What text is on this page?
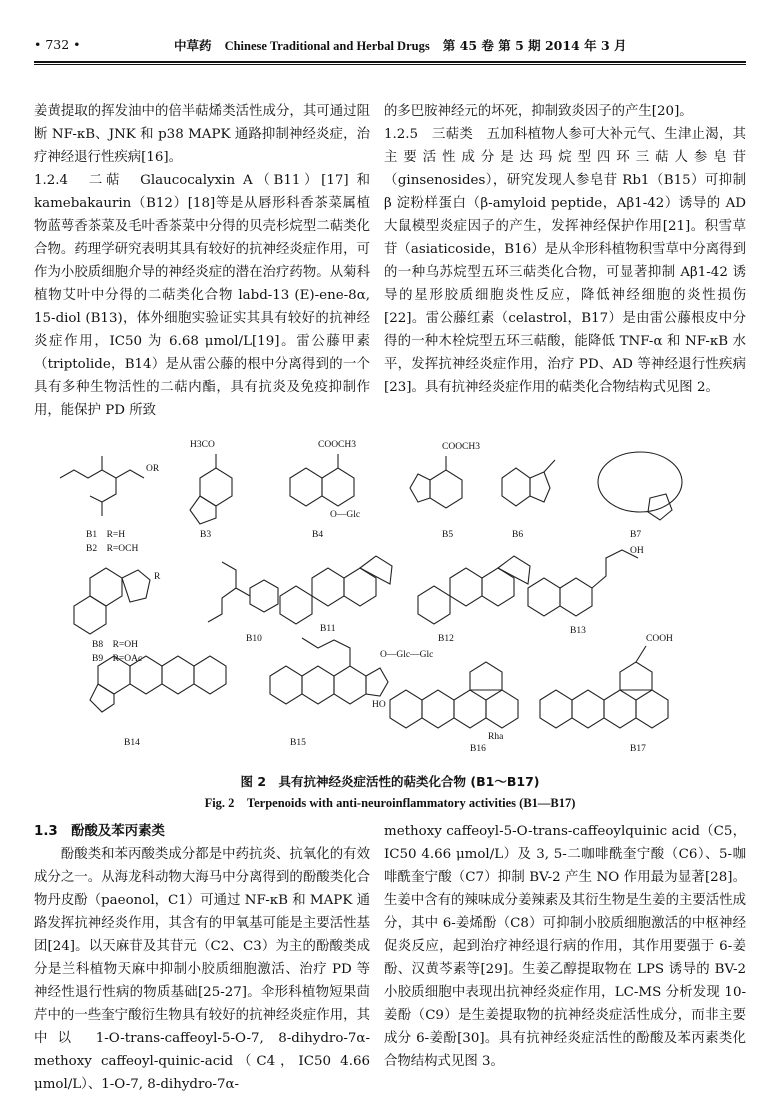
• 732 •	中草药 Chinese Traditional and Herbal Drugs 第 45 卷 第 5 期 2014 年 3 月

姜黄提取的挥发油中的倍半萜烯类活性成分，其可通过阻断 NF-κB、JNK 和 p38 MAPK 通路抑制神经炎症，治疗神经退行性疾病[16]。

1.2.4　二萜　Glaucocalyxin A（B11）[17] 和 kamebakaurin（B12）[18]等是从唇形科香茶菜属植物蓝萼香茶菜及毛叶香茶菜中分得的贝壳杉烷型二萜类化合物。药理学研究表明其具有较好的抗神经炎症作用，可作为小胶质细胞介导的神经炎症的潜在治疗药物。从菊科植物艾叶中分得的二萜类化合物 labd-13 (E)-ene-8α, 15-diol (B13)，体外细胞实验证实其具有较好的抗神经炎症作用，IC50 为 6.68 μmol/L[19]。雷公藤甲素（triptolide，B14）是从雷公藤的根中分离得到的一个具有多种生物活性的二萜内酯，具有抗炎及免疫抑制作用，能保护 PD 所致

的多巴胺神经元的坏死，抑制致炎因子的产生[20]。

1.2.5　三萜类　五加科植物人参可大补元气、生津止渴，其主要活性成分是达玛烷型四环三萜人参皂苷（ginsenosides），研究发现人参皂苷 Rb1（B15）可抑制 β 淀粉样蛋白（β-amyloid peptide，Aβ1-42）诱导的 AD 大鼠模型炎症因子的产生，发挥神经保护作用[21]。积雪草苷（asiaticoside，B16）是从伞形科植物积雪草中分离得到的一种乌苏烷型五环三萜类化合物，可显著抑制 Aβ1-42 诱导的星形胶质细胞炎性反应，降低神经细胞的炎性损伤[22]。雷公藤红素（celastrol，B17）是由雷公藤根皮中分得的一种木栓烷型五环三萜酸，能降低 TNF-α 和 NF-κB 水平，发挥抗神经炎症作用，治疗 PD、AD 等神经退行性疾病[23]。具有抗神经炎症作用的萜类化合物结构式见图 2。

OR
B1　R=H
B2　R=OCH
H3CO
B3
COOCH3
O—Glc
B4
COOCH3
B5	B6	B7
R
B8　R=OH
B9　R=OAc
B10
B11
B12
B13
OH
B14
O—Glc—Glc
B15
HO
Rha
B16
COOH
B17
图 2　具有抗神经炎症活性的萜类化合物 (B1～B17)
Fig. 2　Terpenoids with anti-neuroinflammatory activities (B1—B17)

1.3　酚酸及苯丙素类

酚酸类和苯丙酸类成分都是中药抗炎、抗氧化的有效成分之一。从海龙科动物大海马中分离得到的酚酸类化合物丹皮酚（paeonol，C1）可通过 NF-κB 和 MAPK 通路发挥抗神经炎作用，其含有的甲氧基可能是主要活性基团[24]。以天麻苷及其苷元（C2、C3）为主的酚酸类成分是兰科植物天麻中抑制小胶质细胞激活、治疗 PD 等神经性退行性病的物质基础[25-27]。伞形科植物短果茴芹中的一些奎宁酸衍生物具有较好的抗神经炎症作用，其中以 1-O-trans-caffeoyl-5-O-7, 8-dihydro-7α-methoxy caffeoyl-quinic-acid（C4，IC50 4.66 μmol/L）、1-O-7, 8-dihydro-7α-

methoxy caffeoyl-5-O-trans-caffeoylquinic acid（C5，IC50 4.66 μmol/L）及 3, 5-二咖啡酰奎宁酸（C6）、5-咖啡酰奎宁酸（C7）抑制 BV-2 产生 NO 作用最为显著[28]。生姜中含有的辣味成分姜辣素及其衍生物是生姜的主要活性成分，其中 6-姜烯酚（C8）可抑制小胶质细胞激活的中枢神经促炎反应，起到治疗神经退行病的作用，其作用要强于 6-姜酚、汉黄芩素等[29]。生姜乙醇提取物在 LPS 诱导的 BV-2 小胶质细胞中表现出抗神经炎症作用，LC-MS 分析发现 10-姜酚（C9）是生姜提取物的抗神经炎症活性成分，而非主要成分 6-姜酚[30]。具有抗神经炎症活性的酚酸及苯丙素类化合物结构式见图 3。
